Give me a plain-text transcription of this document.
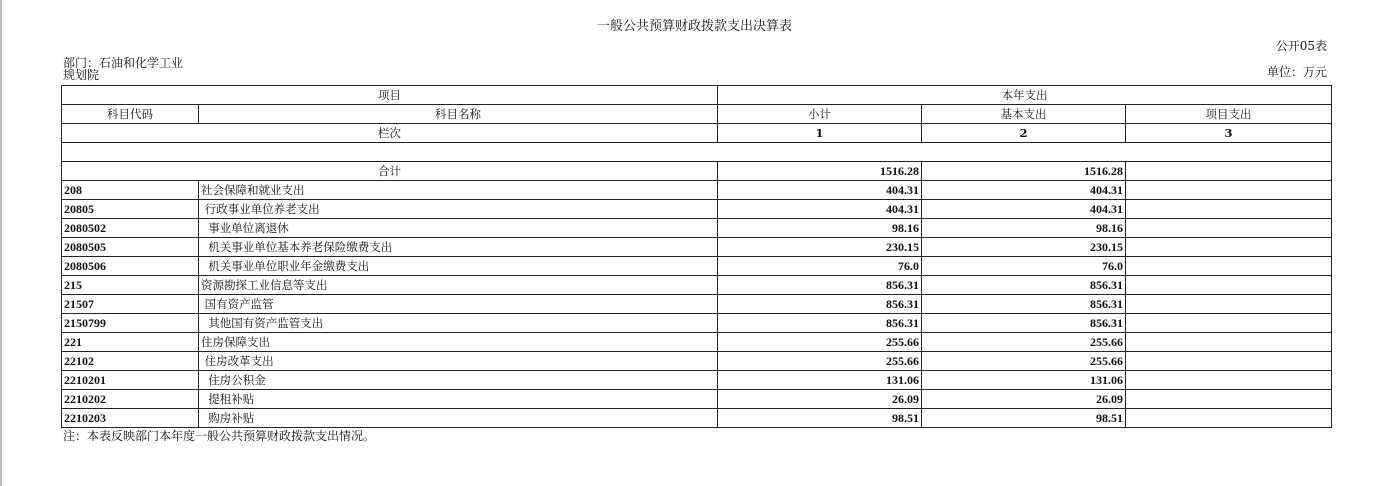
一般公共预算财政拨款支出决算表
公开05表
部门：石油和化学工业规划院	单位：万元
项目		本年支出		
科目代码	科目名称	小计	基本支出	项目支出
栏次		1	2	3

合计		1516.28	1516.28	
208	社会保障和就业支出	404.31	404.31	
20805	行政事业单位养老支出	404.31	404.31	
2080502	事业单位离退休	98.16	98.16	
2080505	机关事业单位基本养老保险缴费支出	230.15	230.15	
2080506	机关事业单位职业年金缴费支出	76.0	76.0	
215	资源勘探工业信息等支出	856.31	856.31	
21507	国有资产监管	856.31	856.31	
2150799	其他国有资产监管支出	856.31	856.31	
221	住房保障支出	255.66	255.66	
22102	住房改革支出	255.66	255.66	
2210201	住房公积金	131.06	131.06	
2210202	提租补贴	26.09	26.09	
2210203	购房补贴	98.51	98.51	
注：本表反映部门本年度一般公共预算财政拨款支出情况。
